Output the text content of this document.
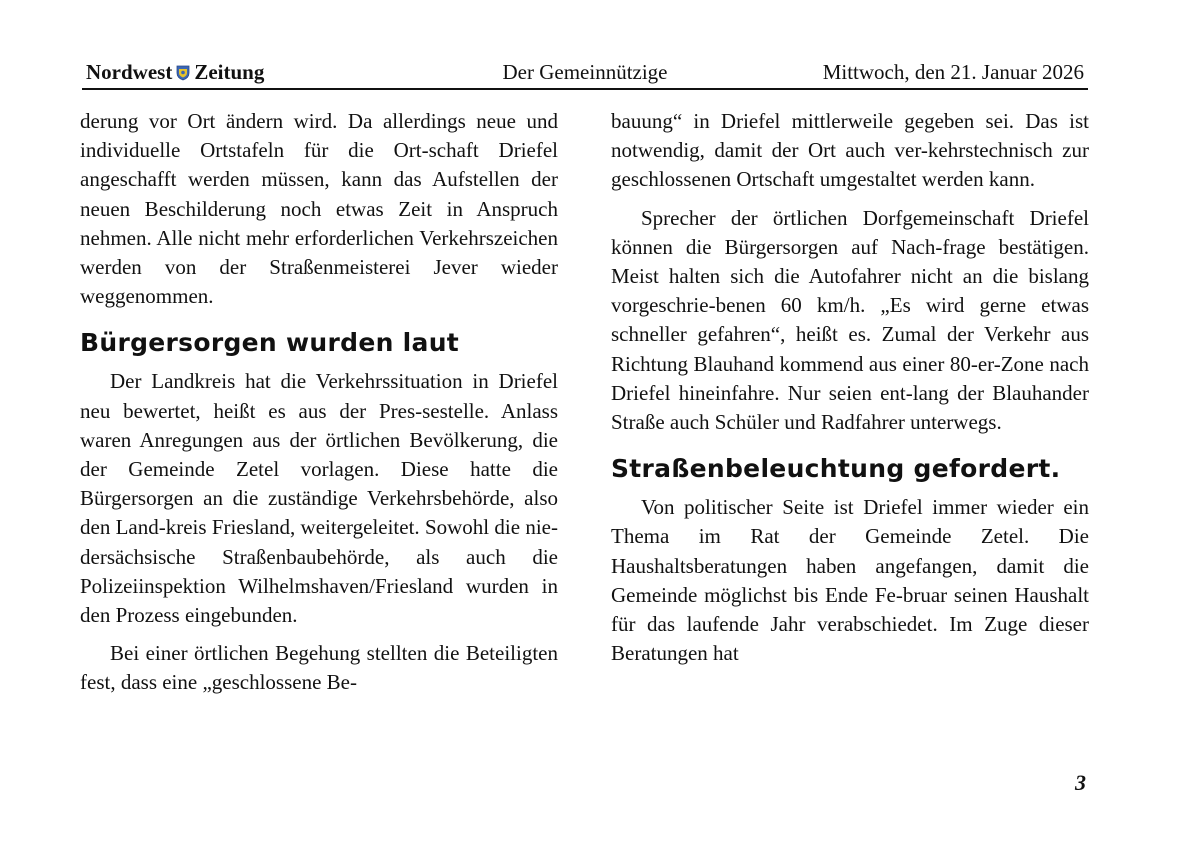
Nordwest Zeitung	Der Gemeinnützige	Mittwoch, den 21. Januar 2026

derung vor Ort ändern wird. Da allerdings neue und individuelle Ortstafeln für die Ort-schaft Driefel angeschafft werden müssen, kann das Aufstellen der neuen Beschilderung noch etwas Zeit in Anspruch nehmen. Alle nicht mehr erforderlichen Verkehrszeichen werden von der Straßenmeisterei Jever wieder weggenommen.

Bürgersorgen wurden laut

Der Landkreis hat die Verkehrssituation in Driefel neu bewertet, heißt es aus der Pres-sestelle. Anlass waren Anregungen aus der örtlichen Bevölkerung, die der Gemeinde Zetel vorlagen. Diese hatte die Bürgersorgen an die zuständige Verkehrsbehörde, also den Land-kreis Friesland, weitergeleitet. Sowohl die nie-dersächsische Straßenbaubehörde, als auch die Polizeiinspektion Wilhelmshaven/Friesland wurden in den Prozess eingebunden.

Bei einer örtlichen Begehung stellten die Beteiligten fest, dass eine „geschlossene Be-

bauung“ in Driefel mittlerweile gegeben sei. Das ist notwendig, damit der Ort auch ver-kehrstechnisch zur geschlossenen Ortschaft umgestaltet werden kann.

Sprecher der örtlichen Dorfgemeinschaft Driefel können die Bürgersorgen auf Nach-frage bestätigen. Meist halten sich die Autofahrer nicht an die bislang vorgeschrie-benen 60 km/h. „Es wird gerne etwas schneller gefahren“, heißt es. Zumal der Verkehr aus Richtung Blauhand kommend aus einer 80-er-Zone nach Driefel hineinfahre. Nur seien ent-lang der Blauhander Straße auch Schüler und Radfahrer unterwegs.

Straßenbeleuchtung gefordert.

Von politischer Seite ist Driefel immer wieder ein Thema im Rat der Gemeinde Zetel. Die Haushaltsberatungen haben angefangen, damit die Gemeinde möglichst bis Ende Fe-bruar seinen Haushalt für das laufende Jahr verabschiedet. Im Zuge dieser Beratungen hat

3
